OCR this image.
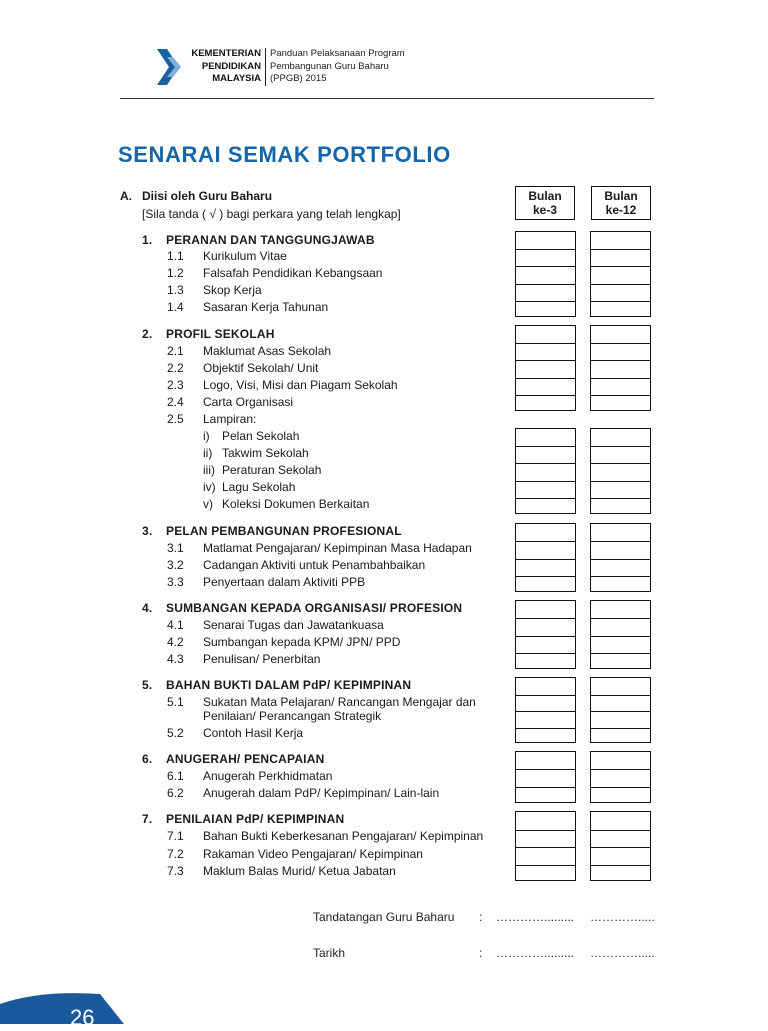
KEMENTERIAN
PENDIDIKAN
MALAYSIA
Panduan Pelaksanaan Program
Pembangunan Guru Baharu
(PPGB) 2015
SENARAI SEMAK PORTFOLIO
A. Diisi oleh Guru Baharu
[Sila tanda ( √ ) bagi perkara yang telah lengkap]
Bulan
ke-3
Bulan
ke-12
1. PERANAN DAN TANGGUNGJAWAB
1.1 Kurikulum Vitae
1.2 Falsafah Pendidikan Kebangsaan
1.3 Skop Kerja
1.4 Sasaran Kerja Tahunan
2. PROFIL SEKOLAH
2.1 Maklumat Asas Sekolah
2.2 Objektif Sekolah/ Unit
2.3 Logo, Visi, Misi dan Piagam Sekolah
2.4 Carta Organisasi
2.5 Lampiran:
i) Pelan Sekolah
ii) Takwim Sekolah
iii) Peraturan Sekolah
iv) Lagu Sekolah
v) Koleksi Dokumen Berkaitan
3. PELAN PEMBANGUNAN PROFESIONAL
3.1 Matlamat Pengajaran/ Kepimpinan Masa Hadapan
3.2 Cadangan Aktiviti untuk Penambahbaikan
3.3 Penyertaan dalam Aktiviti PPB
4. SUMBANGAN KEPADA ORGANISASI/ PROFESION
4.1 Senarai Tugas dan Jawatankuasa
4.2 Sumbangan kepada KPM/ JPN/ PPD
4.3 Penulisan/ Penerbitan
5. BAHAN BUKTI DALAM PdP/ KEPIMPINAN
5.1 Sukatan Mata Pelajaran/ Rancangan Mengajar dan
Penilaian/ Perancangan Strategik
5.2 Contoh Hasil Kerja
6. ANUGERAH/ PENCAPAIAN
6.1 Anugerah Perkhidmatan
6.2 Anugerah dalam PdP/ Kepimpinan/ Lain-lain
7. PENILAIAN PdP/ KEPIMPINAN
7.1 Bahan Bukti Keberkesanan Pengajaran/ Kepimpinan
7.2 Rakaman Video Pengajaran/ Kepimpinan
7.3 Maklum Balas Murid/ Ketua Jabatan
Tandatangan Guru Baharu : …………......... ………….....
Tarikh	: …………......... ………….....
26
